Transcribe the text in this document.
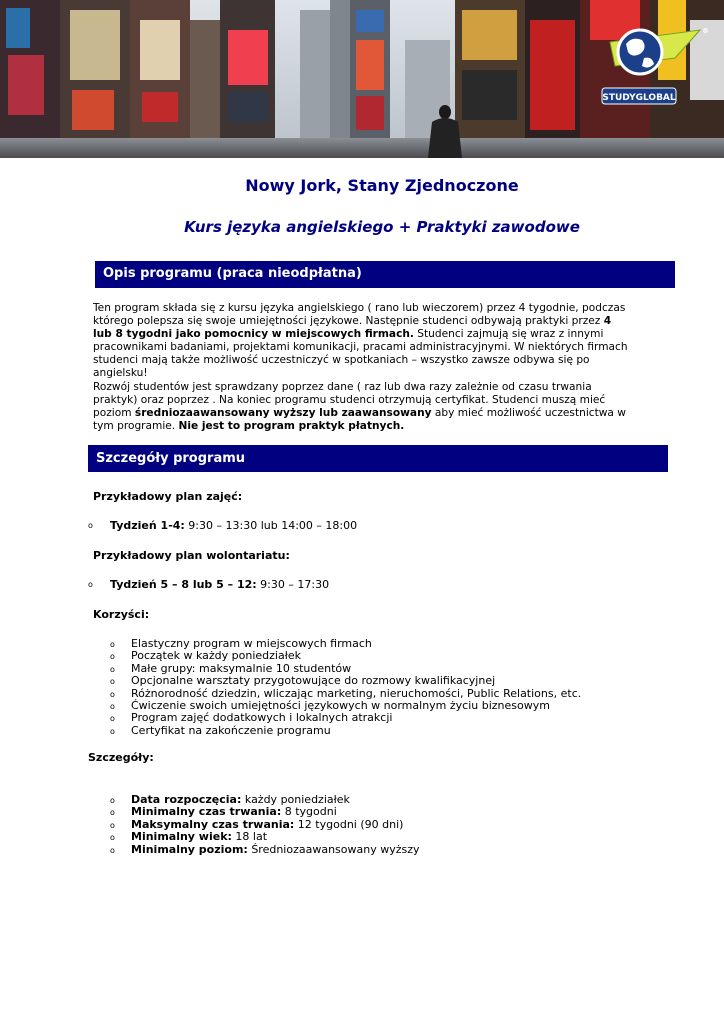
STUDYGLOBAL
®
Nowy Jork, Stany Zjednoczone
Kurs języka angielskiego + Praktyki zawodowe
Opis programu (praca nieodpłatna)
Ten program składa się z kursu języka angielskiego ( rano lub wieczorem) przez 4 tygodnie, podczas którego polepsza się swoje umiejętności językowe. Następnie studenci odbywają praktyki przez 4 lub 8 tygodni jako pomocnicy w miejscowych firmach. Studenci zajmują się wraz z innymi pracownikami badaniami, projektami komunikacji, pracami administracyjnymi. W niektórych firmach studenci mają także możliwość uczestniczyć w spotkaniach – wszystko zawsze odbywa się po angielsku!
Rozwój studentów jest sprawdzany poprzez dane ( raz lub dwa razy zależnie od czasu trwania praktyk) oraz poprzez . Na koniec programu studenci otrzymują certyfikat. Studenci muszą mieć poziom średniozaawansowany wyższy lub zaawansowany aby mieć możliwość uczestnictwa w tym programie. Nie jest to program praktyk płatnych.
Szczegóły programu
Przykładowy plan zajęć:
o Tydzień 1-4: 9:30 – 13:30 lub 14:00 – 18:00
Przykładowy plan wolontariatu:
o Tydzień 5 – 8 lub 5 – 12: 9:30 – 17:30
Korzyści:
o Elastyczny program w miejscowych firmach
o Początek w każdy poniedziałek
o Małe grupy: maksymalnie 10 studentów
o Opcjonalne warsztaty przygotowujące do rozmowy kwalifikacyjnej
o Różnorodność dziedzin, wliczając marketing, nieruchomości, Public Relations, etc.
o Ćwiczenie swoich umiejętności językowych w normalnym życiu biznesowym
o Program zajęć dodatkowych i lokalnych atrakcji
o Certyfikat na zakończenie programu
Szczegóły:
o Data rozpoczęcia: każdy poniedziałek
o Minimalny czas trwania: 8 tygodni
o Maksymalny czas trwania: 12 tygodni (90 dni)
o Minimalny wiek: 18 lat
o Minimalny poziom: Średniozaawansowany wyższy
